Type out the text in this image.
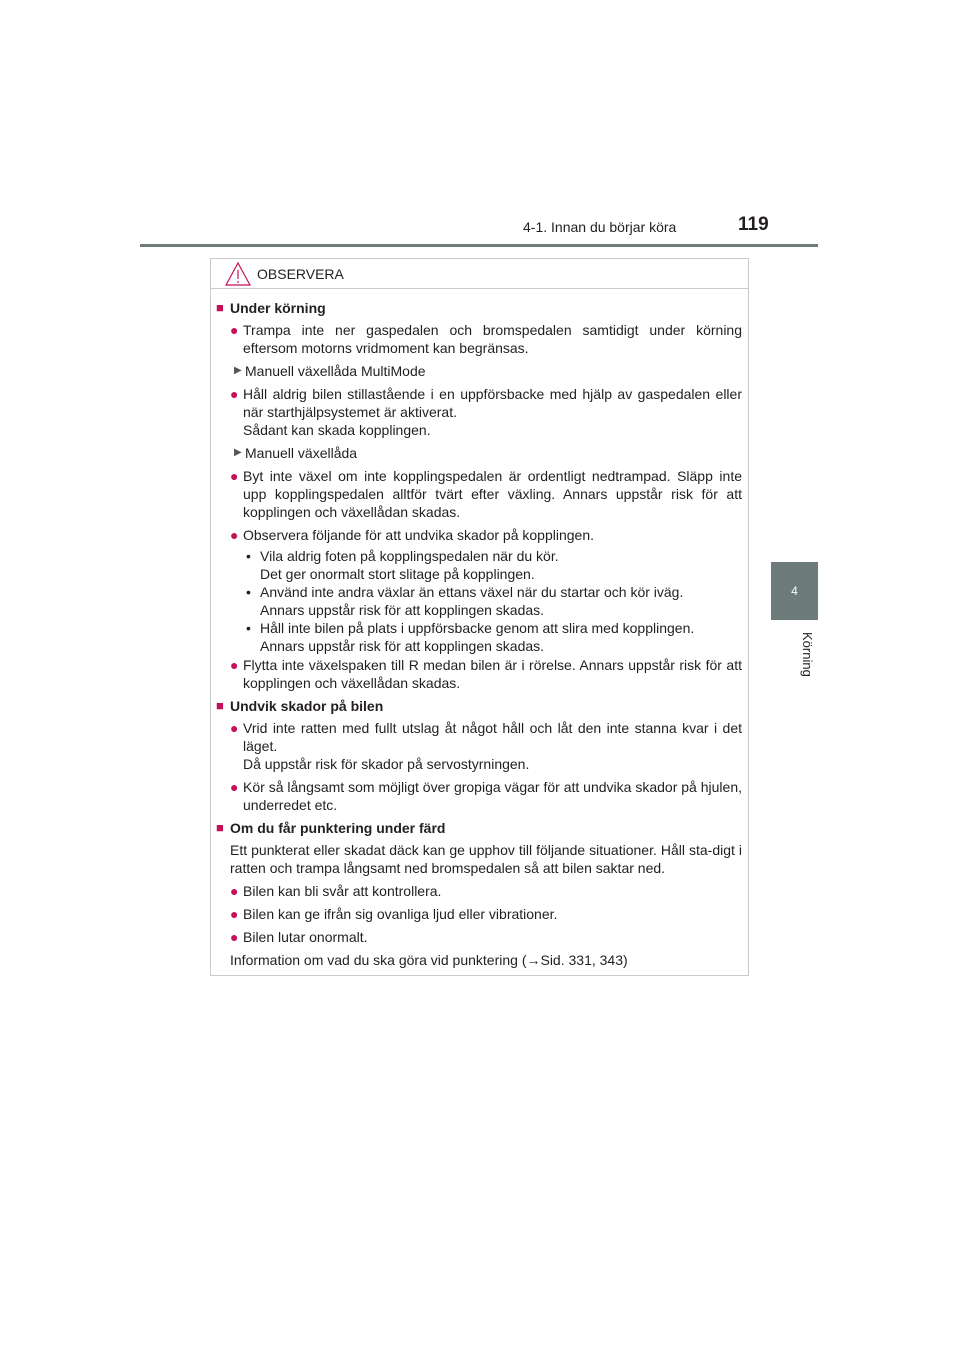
4-1. Innan du börjar köra	119
4
Körning
OBSERVERA
■ Under körning
● Trampa inte ner gaspedalen och bromspedalen samtidigt under körning eftersom motorns vridmoment kan begränsas.
▶ Manuell växellåda MultiMode
● Håll aldrig bilen stillastående i en uppförsbacke med hjälp av gaspedalen eller när starthjälpsystemet är aktiverat.
Sådant kan skada kopplingen.
▶ Manuell växellåda
● Byt inte växel om inte kopplingspedalen är ordentligt nedtrampad. Släpp inte upp kopplingspedalen alltför tvärt efter växling. Annars uppstår risk för att kopplingen och växellådan skadas.
● Observera följande för att undvika skador på kopplingen.
• Vila aldrig foten på kopplingspedalen när du kör.
Det ger onormalt stort slitage på kopplingen.
• Använd inte andra växlar än ettans växel när du startar och kör iväg.
Annars uppstår risk för att kopplingen skadas.
• Håll inte bilen på plats i uppförsbacke genom att slira med kopplingen.
Annars uppstår risk för att kopplingen skadas.
● Flytta inte växelspaken till R medan bilen är i rörelse. Annars uppstår risk för att kopplingen och växellådan skadas.
■ Undvik skador på bilen
● Vrid inte ratten med fullt utslag åt något håll och låt den inte stanna kvar i det läget.
Då uppstår risk för skador på servostyrningen.
● Kör så långsamt som möjligt över gropiga vägar för att undvika skador på hjulen, underredet etc.
■ Om du får punktering under färd
Ett punkterat eller skadat däck kan ge upphov till följande situationer. Håll sta-digt i ratten och trampa långsamt ned bromspedalen så att bilen saktar ned.
● Bilen kan bli svår att kontrollera.
● Bilen kan ge ifrån sig ovanliga ljud eller vibrationer.
● Bilen lutar onormalt.
Information om vad du ska göra vid punktering (→Sid. 331, 343)
